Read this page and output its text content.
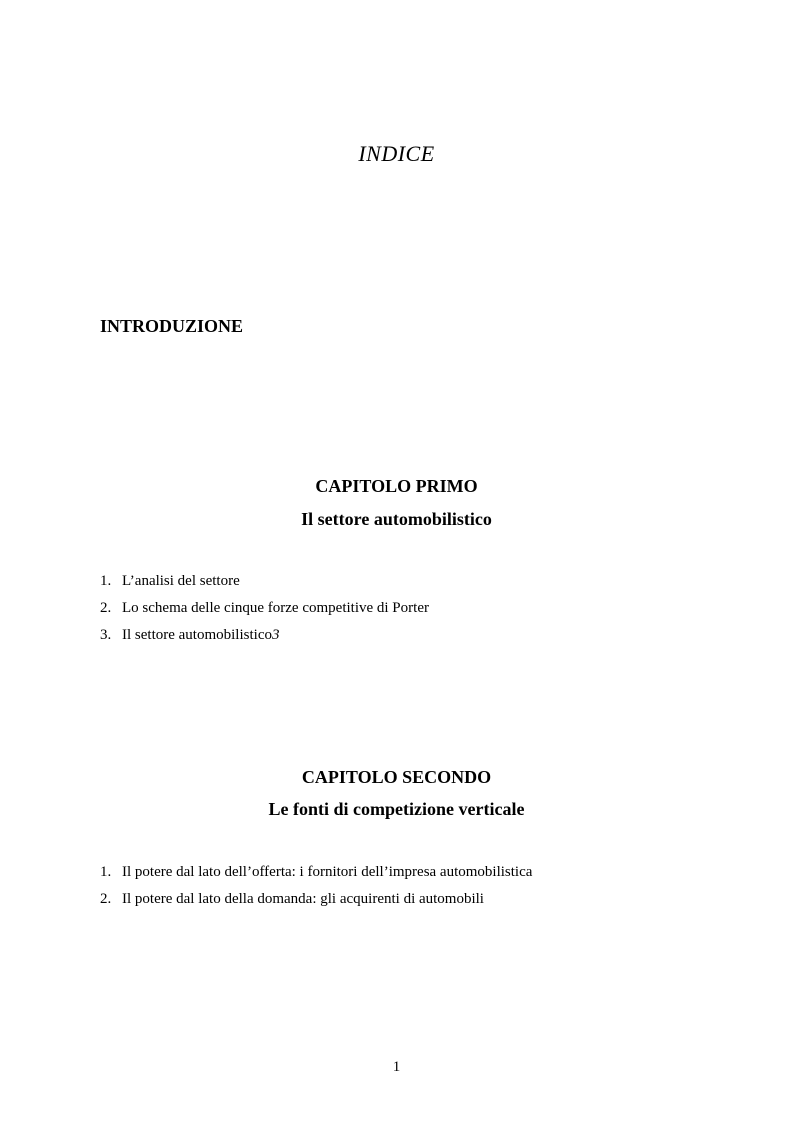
INDICE
INTRODUZIONE
CAPITOLO PRIMO
Il settore automobilistico
1. L’analisi del settore
2. Lo schema delle cinque forze competitive di Porter
3. Il settore automobilistico3
CAPITOLO SECONDO
Le fonti di competizione verticale
1. Il potere dal lato dell’offerta: i fornitori dell’impresa automobilistica
2. Il potere dal lato della domanda: gli acquirenti di automobili
1
